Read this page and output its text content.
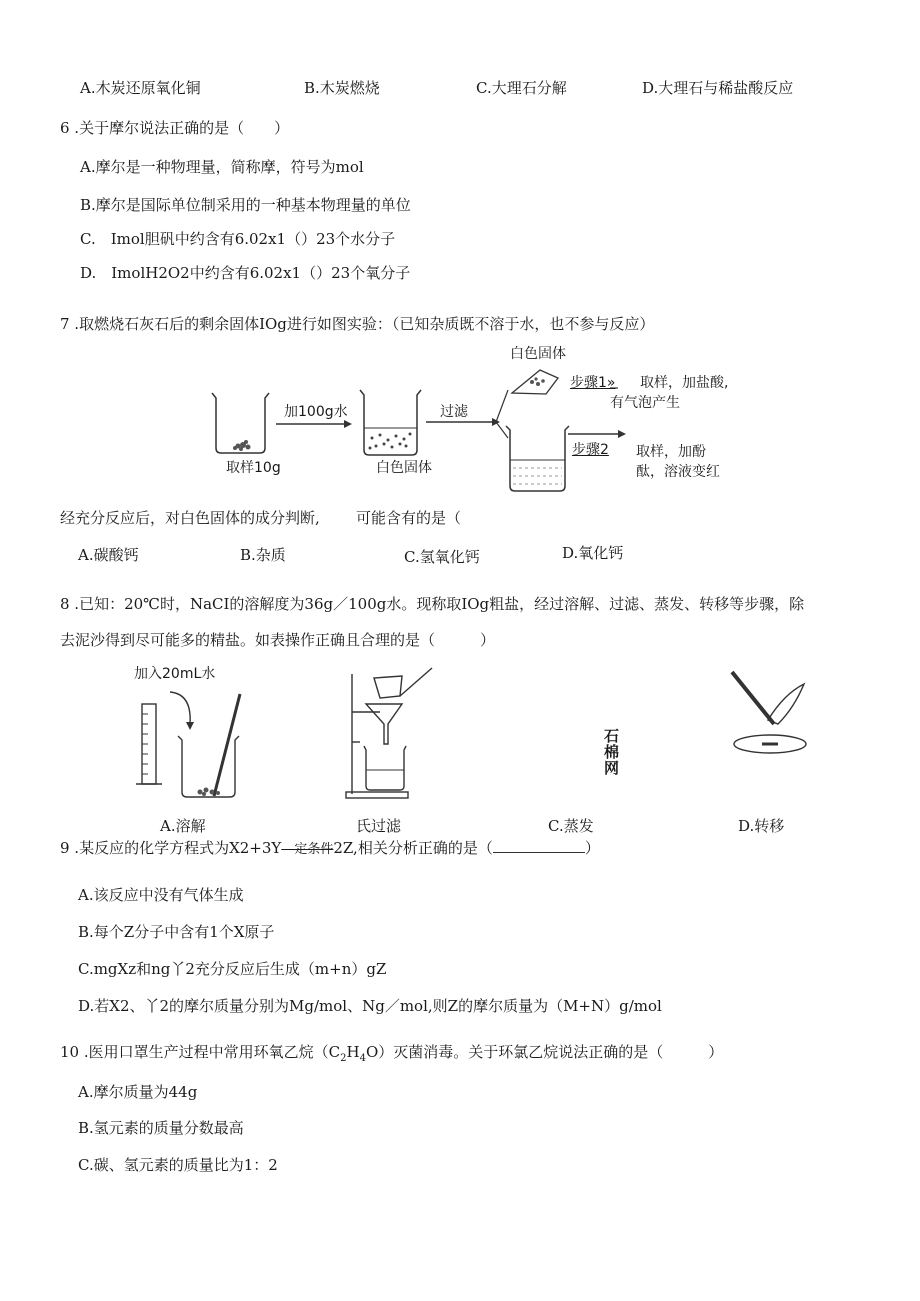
A.木炭还原氧化铜	B.木炭燃烧	C.大理石分解	D.大理石与稀盐酸反应
6 .关于摩尔说法正确的是（　　）
A.摩尔是一种物理量，简称摩，符号为mol
B.摩尔是国际单位制采用的一种基本物理量的单位
C.　Imol胆矾中约含有6.02x1（）23个水分子
D.　ImolH2O2中约含有6.02x1（）23个氧分子
7 .取燃烧石灰石后的剩余固体IOg进行如图实验：（已知杂质既不溶于水，也不参与反应）
白色固体
加100g水	过滤
取样10g	白色固体
步骤1» 取样，加盐酸,
有气泡产生
步骤2 取样，加酚
酞，溶液变红
经充分反应后，对白色固体的成分判断, 可能含有的是（
A.碳酸钙	B.杂质	C.氢氧化钙	D.氧化钙
8 .已知：20℃时，NaCI的溶解度为36g／100g水。现称取IOg粗盐，经过溶解、过滤、蒸发、转移等步骤，除
去泥沙得到尽可能多的精盐。如表操作正确且合理的是（　　　）
加入20mL水
石棉网
A.溶解	氏过滤	C.蒸发	D.转移
9 .某反应的化学方程式为X2+3Y—定条件2Z,相关分析正确的是（	）
A.该反应中没有气体生成
B.每个Z分子中含有1个X原子
C.mgXz和ng丫2充分反应后生成（m+n）gZ
D.若X2、丫2的摩尔质量分别为Mg/mol、Ng／mol,则Z的摩尔质量为（M+N）g/mol
10 .医用口罩生产过程中常用环氧乙烷$(C_2H_4O)$灭菌消毒。关于环氯乙烷说法正确的是（　　　）
A.摩尔质量为44g
B.氢元素的质量分数最高
C.碳、氢元素的质量比为1：2
